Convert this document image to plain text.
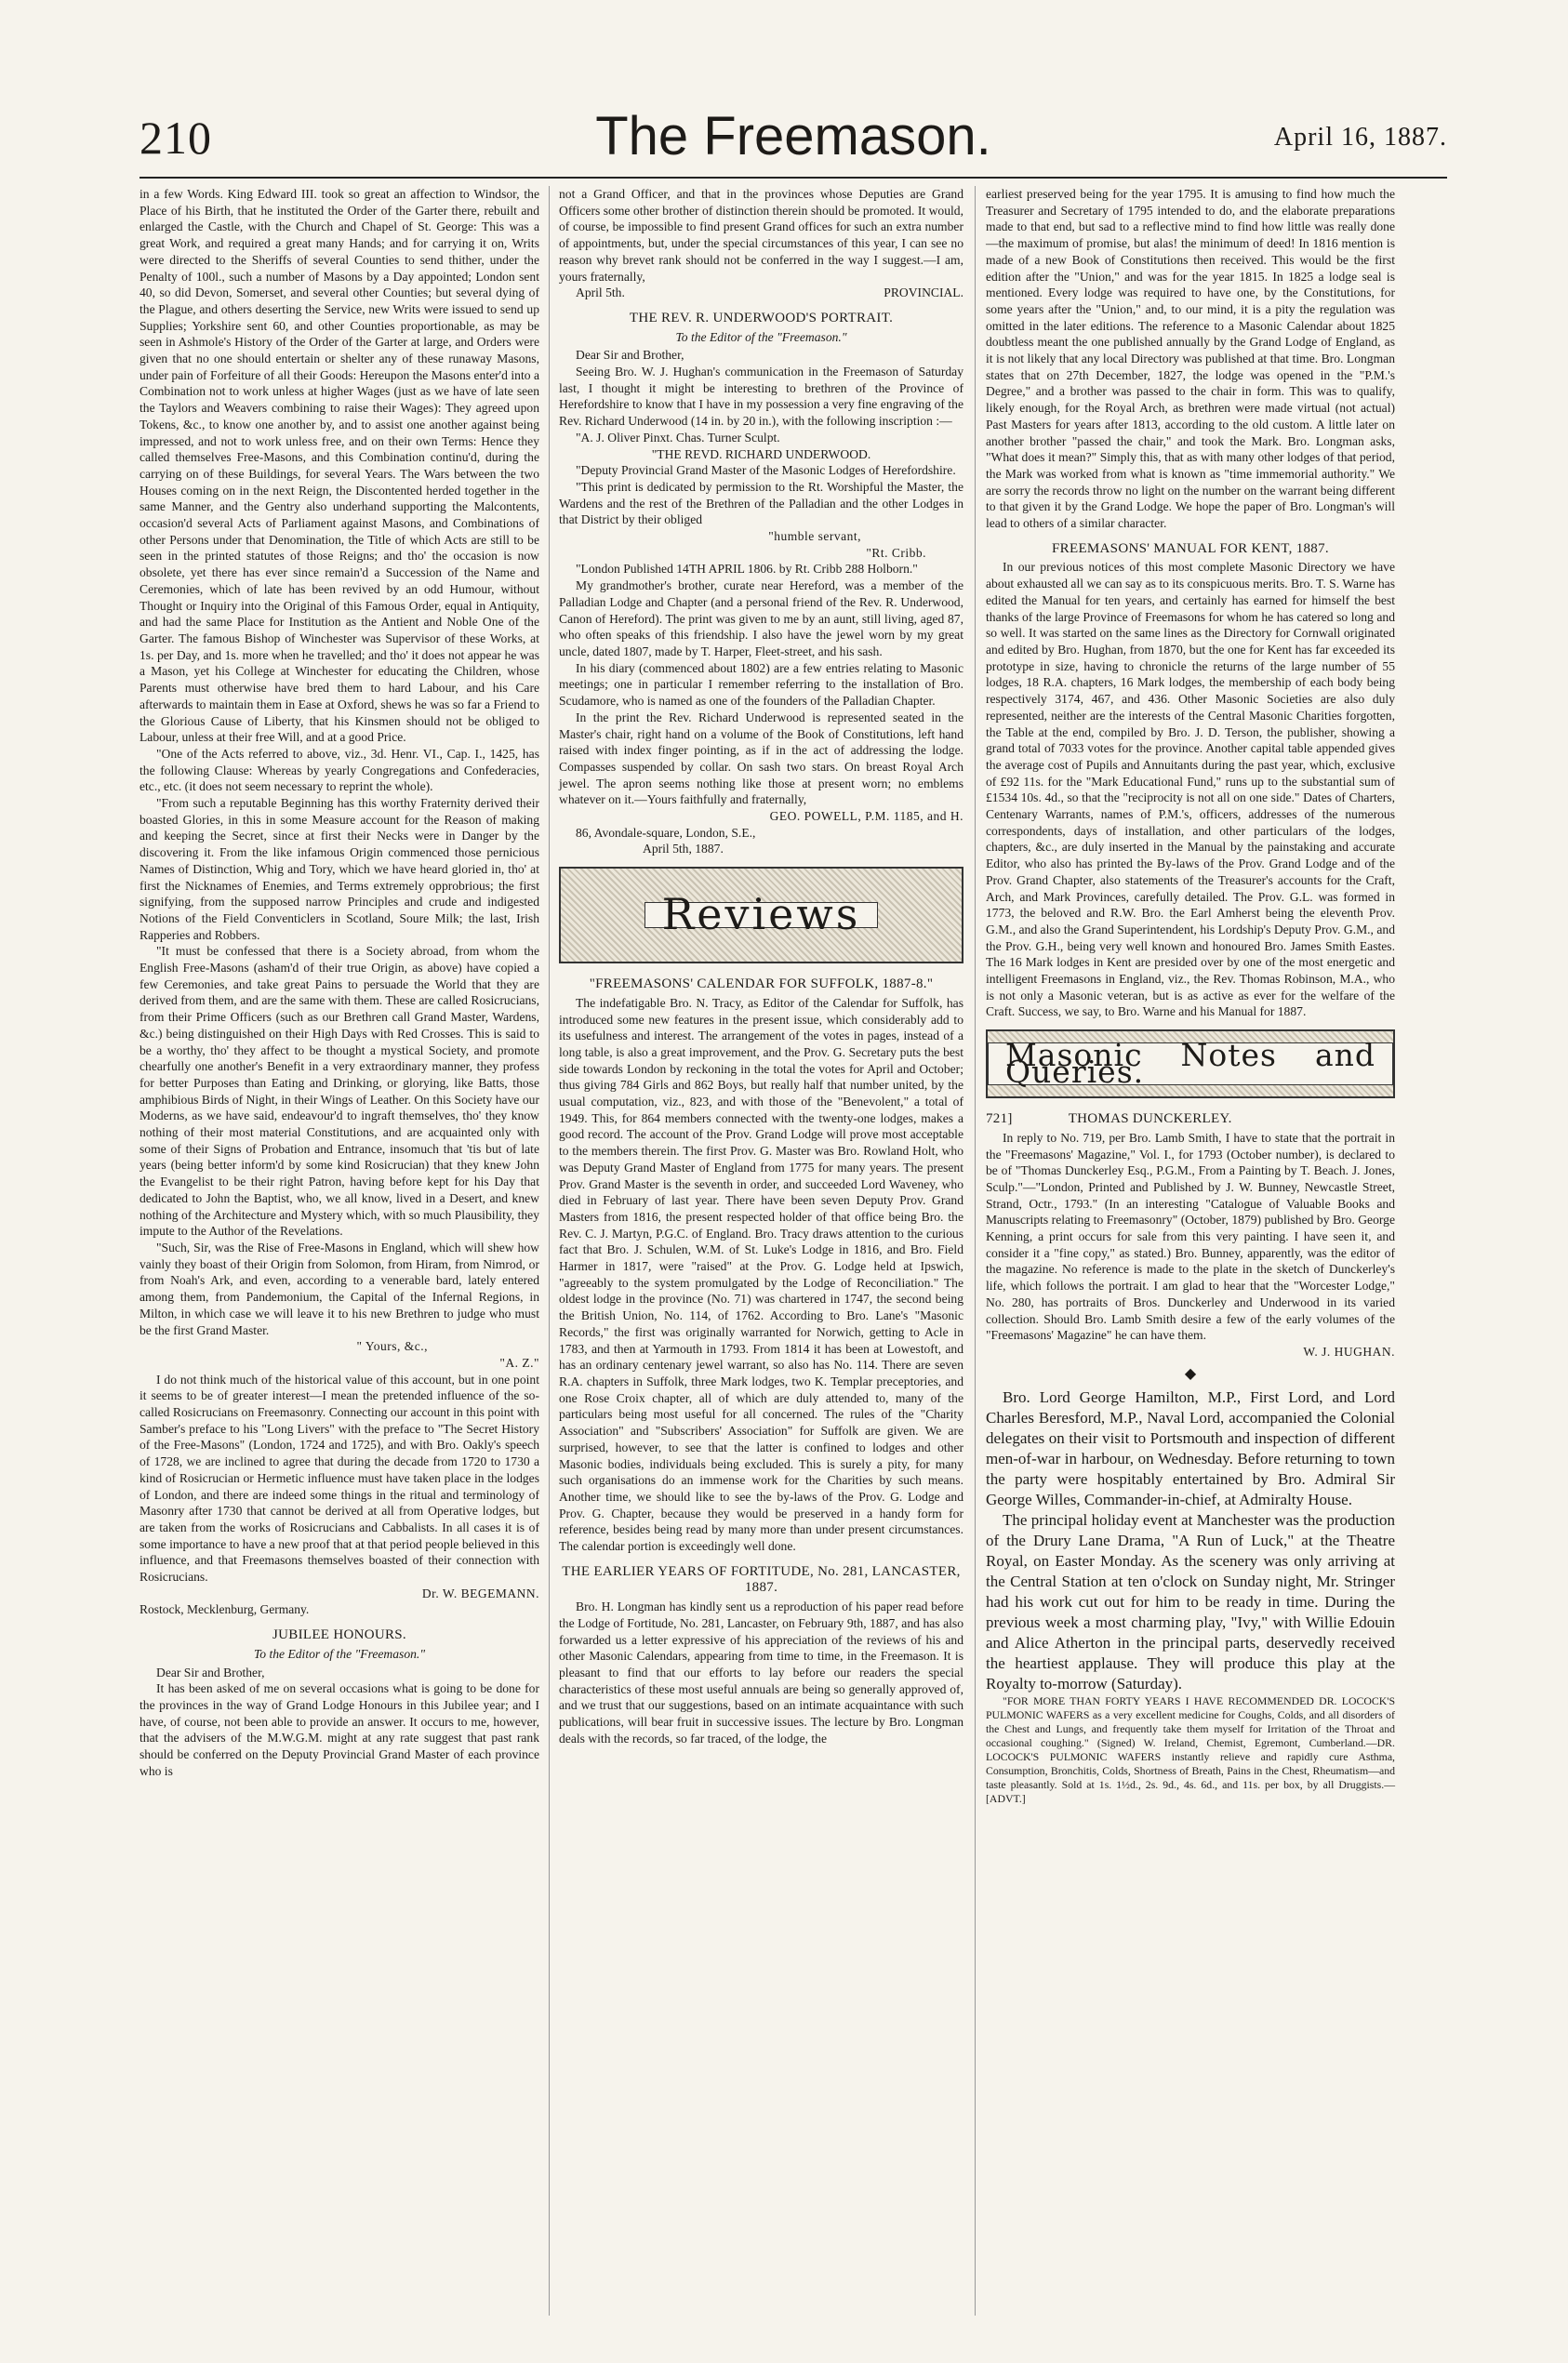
210	The Freemason.	April 16, 1887.

in a few Words. King Edward III. took so great an affection to Windsor, the Place of his Birth, that he instituted the Order of the Garter there, rebuilt and enlarged the Castle, with the Church and Chapel of St. George: This was a great Work, and required a great many Hands; and for carrying it on, Writs were directed to the Sheriffs of several Counties to send thither, under the Penalty of 100l., such a number of Masons by a Day appointed; London sent 40, so did Devon, Somerset, and several other Counties; but several dying of the Plague, and others deserting the Service, new Writs were issued to send up Supplies; Yorkshire sent 60, and other Counties proportionable, as may be seen in Ashmole's History of the Order of the Garter at large, and Orders were given that no one should entertain or shelter any of these runaway Masons, under pain of Forfeiture of all their Goods: Hereupon the Masons enter'd into a Combination not to work unless at higher Wages (just as we have of late seen the Taylors and Weavers combining to raise their Wages): They agreed upon Tokens, &c., to know one another by, and to assist one another against being impressed, and not to work unless free, and on their own Terms: Hence they called themselves Free-Masons, and this Combination continu'd, during the carrying on of these Buildings, for several Years. The Wars between the two Houses coming on in the next Reign, the Discontented herded together in the same Manner, and the Gentry also underhand supporting the Malcontents, occasion'd several Acts of Parliament against Masons, and Combinations of other Persons under that Denomination, the Title of which Acts are still to be seen in the printed statutes of those Reigns; and tho' the occasion is now obsolete, yet there has ever since remain'd a Succession of the Name and Ceremonies, which of late has been revived by an odd Humour, without Thought or Inquiry into the Original of this Famous Order, equal in Antiquity, and had the same Place for Institution as the Antient and Noble One of the Garter. The famous Bishop of Winchester was Supervisor of these Works, at 1s. per Day, and 1s. more when he travelled; and tho' it does not appear he was a Mason, yet his College at Winchester for educating the Children, whose Parents must otherwise have bred them to hard Labour, and his Care afterwards to maintain them in Ease at Oxford, shews he was so far a Friend to the Glorious Cause of Liberty, that his Kinsmen should not be obliged to Labour, unless at their free Will, and at a good Price.

"One of the Acts referred to above, viz., 3d. Henr. VI., Cap. I., 1425, has the following Clause: Whereas by yearly Congregations and Confederacies, etc., etc. (it does not seem necessary to reprint the whole).

"From such a reputable Beginning has this worthy Fraternity derived their boasted Glories, in this in some Measure account for the Reason of making and keeping the Secret, since at first their Necks were in Danger by the discovering it. From the like infamous Origin commenced those pernicious Names of Distinction, Whig and Tory, which we have heard gloried in, tho' at first the Nicknames of Enemies, and Terms extremely opprobrious; the first signifying, from the supposed narrow Principles and crude and indigested Notions of the Field Conventiclers in Scotland, Soure Milk; the last, Irish Rapperies and Robbers.

"It must be confessed that there is a Society abroad, from whom the English Free-Masons (asham'd of their true Origin, as above) have copied a few Ceremonies, and take great Pains to persuade the World that they are derived from them, and are the same with them. These are called Rosicrucians, from their Prime Officers (such as our Brethren call Grand Master, Wardens, &c.) being distinguished on their High Days with Red Crosses. This is said to be a worthy, tho' they affect to be thought a mystical Society, and promote chearfully one another's Benefit in a very extraordinary manner, they profess for better Purposes than Eating and Drinking, or glorying, like Batts, those amphibious Birds of Night, in their Wings of Leather. On this Society have our Moderns, as we have said, endeavour'd to ingraft themselves, tho' they know nothing of their most material Constitutions, and are acquainted only with some of their Signs of Probation and Entrance, insomuch that 'tis but of late years (being better inform'd by some kind Rosicrucian) that they knew John the Evangelist to be their right Patron, having before kept for his Day that dedicated to John the Baptist, who, we all know, lived in a Desert, and knew nothing of the Architecture and Mystery which, with so much Plausibility, they impute to the Author of the Revelations.

"Such, Sir, was the Rise of Free-Masons in England, which will shew how vainly they boast of their Origin from Solomon, from Hiram, from Nimrod, or from Noah's Ark, and even, according to a venerable bard, lately entered among them, from Pandemonium, the Capital of the Infernal Regions, in Milton, in which case we will leave it to his new Brethren to judge who must be the first Grand Master.

" Yours, &c.,

"A. Z."

I do not think much of the historical value of this account, but in one point it seems to be of greater interest—I mean the pretended influence of the so-called Rosicrucians on Freemasonry. Connecting our account in this point with Samber's preface to his "Long Livers" with the preface to "The Secret History of the Free-Masons" (London, 1724 and 1725), and with Bro. Oakly's speech of 1728, we are inclined to agree that during the decade from 1720 to 1730 a kind of Rosicrucian or Hermetic influence must have taken place in the lodges of London, and there are indeed some things in the ritual and terminology of Masonry after 1730 that cannot be derived at all from Operative lodges, but are taken from the works of Rosicrucians and Cabbalists. In all cases it is of some importance to have a new proof that at that period people believed in this influence, and that Freemasons themselves boasted of their connection with Rosicrucians.

Dr. W. BEGEMANN.

Rostock, Mecklenburg, Germany.

JUBILEE HONOURS.
To the Editor of the "Freemason."

Dear Sir and Brother,

It has been asked of me on several occasions what is going to be done for the provinces in the way of Grand Lodge Honours in this Jubilee year; and I have, of course, not been able to provide an answer. It occurs to me, however, that the advisers of the M.W.G.M. might at any rate suggest that past rank should be conferred on the Deputy Provincial Grand Master of each province who is

not a Grand Officer, and that in the provinces whose Deputies are Grand Officers some other brother of distinction therein should be promoted. It would, of course, be impossible to find present Grand offices for such an extra number of appointments, but, under the special circumstances of this year, I can see no reason why brevet rank should not be conferred in the way I suggest.—I am, yours fraternally,

April 5th.	PROVINCIAL.

THE REV. R. UNDERWOOD'S PORTRAIT.
To the Editor of the "Freemason."

Dear Sir and Brother,

Seeing Bro. W. J. Hughan's communication in the Freemason of Saturday last, I thought it might be interesting to brethren of the Province of Herefordshire to know that I have in my possession a very fine engraving of the Rev. Richard Underwood (14 in. by 20 in.), with the following inscription :—

"A. J. Oliver Pinxt. Chas. Turner Sculpt.

"THE REVD. RICHARD UNDERWOOD.

"Deputy Provincial Grand Master of the Masonic Lodges of Herefordshire.

"This print is dedicated by permission to the Rt. Worshipful the Master, the Wardens and the rest of the Brethren of the Palladian and the other Lodges in that District by their obliged

"humble servant,

"Rt. Cribb.

"London Published 14TH APRIL 1806. by Rt. Cribb 288 Holborn."

My grandmother's brother, curate near Hereford, was a member of the Palladian Lodge and Chapter (and a personal friend of the Rev. R. Underwood, Canon of Hereford). The print was given to me by an aunt, still living, aged 87, who often speaks of this friendship. I also have the jewel worn by my great uncle, dated 1807, made by T. Harper, Fleet-street, and his sash.

In his diary (commenced about 1802) are a few entries relating to Masonic meetings; one in particular I remember referring to the installation of Bro. Scudamore, who is named as one of the founders of the Palladian Chapter.

In the print the Rev. Richard Underwood is represented seated in the Master's chair, right hand on a volume of the Book of Constitutions, left hand raised with index finger pointing, as if in the act of addressing the lodge. Compasses suspended by collar. On sash two stars. On breast Royal Arch jewel. The apron seems nothing like those at present worn; no emblems whatever on it.—Yours faithfully and fraternally,

GEO. POWELL, P.M. 1185, and H.

86, Avondale-square, London, S.E.,

April 5th, 1887.

Reviews
"FREEMASONS' CALENDAR FOR SUFFOLK, 1887-8."

The indefatigable Bro. N. Tracy, as Editor of the Calendar for Suffolk, has introduced some new features in the present issue, which considerably add to its usefulness and interest. The arrangement of the votes in pages, instead of a long table, is also a great improvement, and the Prov. G. Secretary puts the best side towards London by reckoning in the total the votes for April and October; thus giving 784 Girls and 862 Boys, but really half that number united, by the usual computation, viz., 823, and with those of the "Benevolent," a total of 1949. This, for 864 members connected with the twenty-one lodges, makes a good record. The account of the Prov. Grand Lodge will prove most acceptable to the members therein. The first Prov. G. Master was Bro. Rowland Holt, who was Deputy Grand Master of England from 1775 for many years. The present Prov. Grand Master is the seventh in order, and succeeded Lord Waveney, who died in February of last year. There have been seven Deputy Prov. Grand Masters from 1816, the present respected holder of that office being Bro. the Rev. C. J. Martyn, P.G.C. of England. Bro. Tracy draws attention to the curious fact that Bro. J. Schulen, W.M. of St. Luke's Lodge in 1816, and Bro. Field Harmer in 1817, were "raised" at the Prov. G. Lodge held at Ipswich, "agreeably to the system promulgated by the Lodge of Reconciliation." The oldest lodge in the province (No. 71) was chartered in 1747, the second being the British Union, No. 114, of 1762. According to Bro. Lane's "Masonic Records," the first was originally warranted for Norwich, getting to Acle in 1783, and then at Yarmouth in 1793. From 1814 it has been at Lowestoft, and has an ordinary centenary jewel warrant, so also has No. 114. There are seven R.A. chapters in Suffolk, three Mark lodges, two K. Templar preceptories, and one Rose Croix chapter, all of which are duly attended to, many of the particulars being most useful for all concerned. The rules of the "Charity Association" and "Subscribers' Association" for Suffolk are given. We are surprised, however, to see that the latter is confined to lodges and other Masonic bodies, individuals being excluded. This is surely a pity, for many such organisations do an immense work for the Charities by such means. Another time, we should like to see the by-laws of the Prov. G. Lodge and Prov. G. Chapter, because they would be preserved in a handy form for reference, besides being read by many more than under present circumstances. The calendar portion is exceedingly well done.

THE EARLIER YEARS OF FORTITUDE, No. 281, LANCASTER, 1887.

Bro. H. Longman has kindly sent us a reproduction of his paper read before the Lodge of Fortitude, No. 281, Lancaster, on February 9th, 1887, and has also forwarded us a letter expressive of his appreciation of the reviews of his and other Masonic Calendars, appearing from time to time, in the Freemason. It is pleasant to find that our efforts to lay before our readers the special characteristics of these most useful annuals are being so generally approved of, and we trust that our suggestions, based on an intimate acquaintance with such publications, will bear fruit in successive issues. The lecture by Bro. Longman deals with the records, so far traced, of the lodge, the

earliest preserved being for the year 1795. It is amusing to find how much the Treasurer and Secretary of 1795 intended to do, and the elaborate preparations made to that end, but sad to a reflective mind to find how little was really done—the maximum of promise, but alas! the minimum of deed! In 1816 mention is made of a new Book of Constitutions then received. This would be the first edition after the "Union," and was for the year 1815. In 1825 a lodge seal is mentioned. Every lodge was required to have one, by the Constitutions, for some years after the "Union," and, to our mind, it is a pity the regulation was omitted in the later editions. The reference to a Masonic Calendar about 1825 doubtless meant the one published annually by the Grand Lodge of England, as it is not likely that any local Directory was published at that time. Bro. Longman states that on 27th December, 1827, the lodge was opened in the "P.M.'s Degree," and a brother was passed to the chair in form. This was to qualify, likely enough, for the Royal Arch, as brethren were made virtual (not actual) Past Masters for years after 1813, according to the old custom. A little later on another brother "passed the chair," and took the Mark. Bro. Longman asks, "What does it mean?" Simply this, that as with many other lodges of that period, the Mark was worked from what is known as "time immemorial authority." We are sorry the records throw no light on the number on the warrant being different to that given it by the Grand Lodge. We hope the paper of Bro. Longman's will lead to others of a similar character.

FREEMASONS' MANUAL FOR KENT, 1887.

In our previous notices of this most complete Masonic Directory we have about exhausted all we can say as to its conspicuous merits. Bro. T. S. Warne has edited the Manual for ten years, and certainly has earned for himself the best thanks of the large Province of Freemasons for whom he has catered so long and so well. It was started on the same lines as the Directory for Cornwall originated and edited by Bro. Hughan, from 1870, but the one for Kent has far exceeded its prototype in size, having to chronicle the returns of the large number of 55 lodges, 18 R.A. chapters, 16 Mark lodges, the membership of each body being respectively 3174, 467, and 436. Other Masonic Societies are also duly represented, neither are the interests of the Central Masonic Charities forgotten, the Table at the end, compiled by Bro. J. D. Terson, the publisher, showing a grand total of 7033 votes for the province. Another capital table appended gives the average cost of Pupils and Annuitants during the past year, which, exclusive of £92 11s. for the "Mark Educational Fund," runs up to the substantial sum of £1534 10s. 4d., so that the "reciprocity is not all on one side." Dates of Charters, Centenary Warrants, names of P.M.'s, officers, addresses of the numerous correspondents, days of installation, and other particulars of the lodges, chapters, &c., are duly inserted in the Manual by the painstaking and accurate Editor, who also has printed the By-laws of the Prov. Grand Lodge and of the Prov. Grand Chapter, also statements of the Treasurer's accounts for the Craft, Arch, and Mark Provinces, carefully detailed. The Prov. G.L. was formed in 1773, the beloved and R.W. Bro. the Earl Amherst being the eleventh Prov. G.M., and also the Grand Superintendent, his Lordship's Deputy Prov. G.M., and the Prov. G.H., being very well known and honoured Bro. James Smith Eastes. The 16 Mark lodges in Kent are presided over by one of the most energetic and intelligent Freemasons in England, viz., the Rev. Thomas Robinson, M.A., who is not only a Masonic veteran, but is as active as ever for the welfare of the Craft. Success, we say, to Bro. Warne and his Manual for 1887.

Masonic Notes and Queries.
721]	THOMAS DUNCKERLEY.

In reply to No. 719, per Bro. Lamb Smith, I have to state that the portrait in the "Freemasons' Magazine," Vol. I., for 1793 (October number), is declared to be of "Thomas Dunckerley Esq., P.G.M., From a Painting by T. Beach. J. Jones, Sculp."—"London, Printed and Published by J. W. Bunney, Newcastle Street, Strand, Octr., 1793." (In an interesting "Catalogue of Valuable Books and Manuscripts relating to Freemasonry" (October, 1879) published by Bro. George Kenning, a print occurs for sale from this very painting. I have seen it, and consider it a "fine copy," as stated.) Bro. Bunney, apparently, was the editor of the magazine. No reference is made to the plate in the sketch of Dunckerley's life, which follows the portrait. I am glad to hear that the "Worcester Lodge," No. 280, has portraits of Bros. Dunckerley and Underwood in its varied collection. Should Bro. Lamb Smith desire a few of the early volumes of the "Freemasons' Magazine" he can have them.

W. J. HUGHAN.

◆

Bro. Lord George Hamilton, M.P., First Lord, and Lord Charles Beresford, M.P., Naval Lord, accompanied the Colonial delegates on their visit to Portsmouth and inspection of different men-of-war in harbour, on Wednesday. Before returning to town the party were hospitably entertained by Bro. Admiral Sir George Willes, Commander-in-chief, at Admiralty House.

The principal holiday event at Manchester was the production of the Drury Lane Drama, "A Run of Luck," at the Theatre Royal, on Easter Monday. As the scenery was only arriving at the Central Station at ten o'clock on Sunday night, Mr. Stringer had his work cut out for him to be ready in time. During the previous week a most charming play, "Ivy," with Willie Edouin and Alice Atherton in the principal parts, deservedly received the heartiest applause. They will produce this play at the Royalty to-morrow (Saturday).

"FOR MORE THAN FORTY YEARS I HAVE RECOMMENDED DR. LOCOCK'S PULMONIC WAFERS as a very excellent medicine for Coughs, Colds, and all disorders of the Chest and Lungs, and frequently take them myself for Irritation of the Throat and occasional coughing." (Signed) W. Ireland, Chemist, Egremont, Cumberland.—DR. LOCOCK'S PULMONIC WAFERS instantly relieve and rapidly cure Asthma, Consumption, Bronchitis, Colds, Shortness of Breath, Pains in the Chest, Rheumatism—and taste pleasantly. Sold at 1s. 1½d., 2s. 9d., 4s. 6d., and 11s. per box, by all Druggists.—[ADVT.]
